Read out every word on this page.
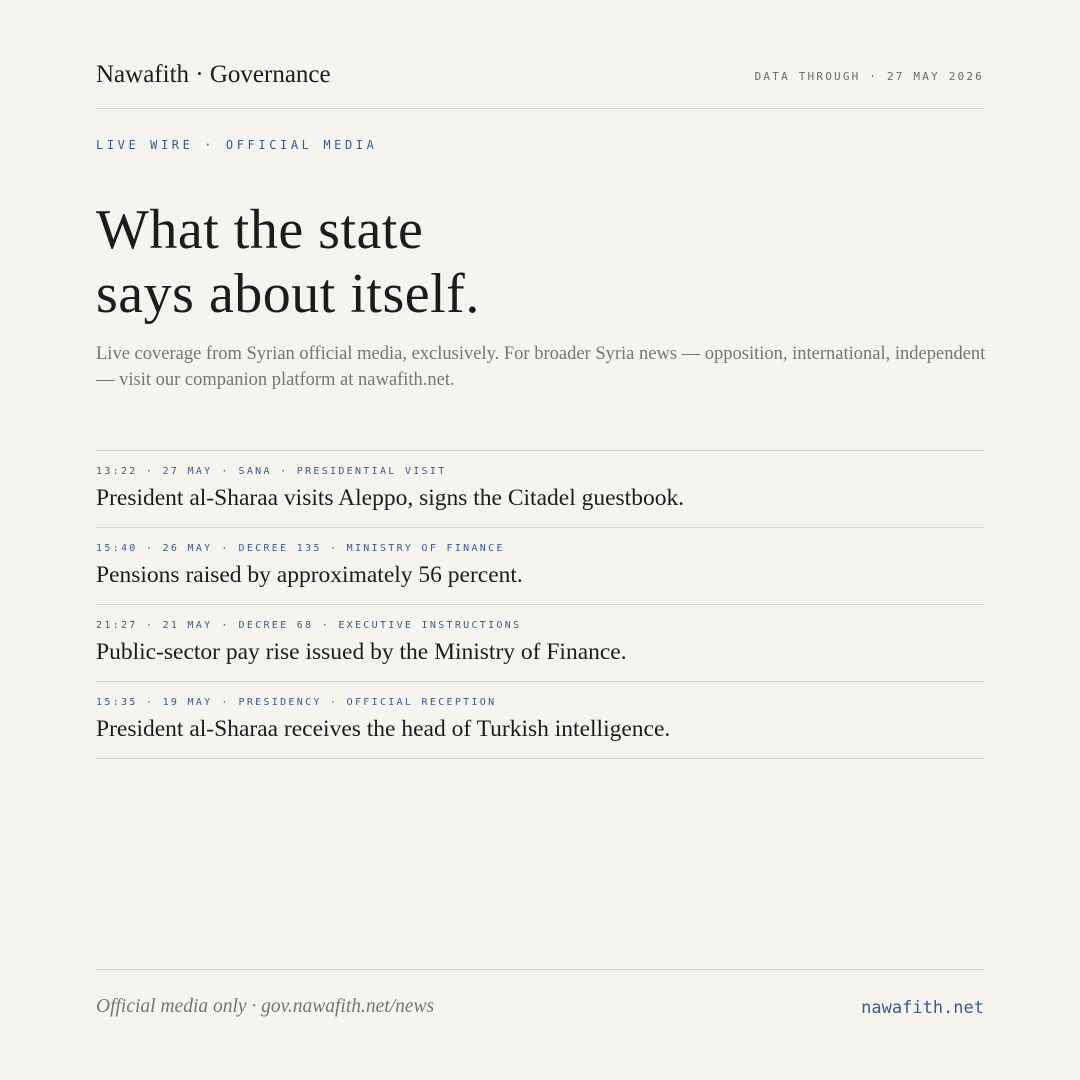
Nawafith · Governance	DATA THROUGH · 27 MAY 2026
LIVE WIRE · OFFICIAL MEDIA
What the state
says about itself.

Live coverage from Syrian official media, exclusively. For broader Syria news — opposition, international, independent — visit our companion platform at nawafith.net.

13:22 · 27 MAY · SANA · PRESIDENTIAL VISIT
President al-Sharaa visits Aleppo, signs the Citadel guestbook.
15:40 · 26 MAY · DECREE 135 · MINISTRY OF FINANCE
Pensions raised by approximately 56 percent.
21:27 · 21 MAY · DECREE 68 · EXECUTIVE INSTRUCTIONS
Public-sector pay rise issued by the Ministry of Finance.
15:35 · 19 MAY · PRESIDENCY · OFFICIAL RECEPTION
President al-Sharaa receives the head of Turkish intelligence.
Official media only · gov.nawafith.net/news	nawafith.net
